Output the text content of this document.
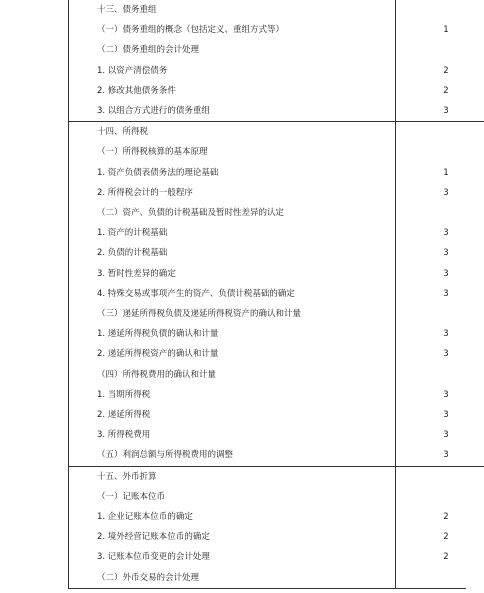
十三、债务重组	
（一）债务重组的概念（包括定义、重组方式等）	1
（二）债务重组的会计处理	
1. 以资产清偿债务	2
2. 修改其他债务条件	2
3. 以组合方式进行的债务重组	3
十四、所得税	
（一）所得税核算的基本原理	
1. 资产负债表债务法的理论基础	1
2. 所得税会计的一般程序	3
（二）资产、负债的计税基础及暂时性差异的认定	
1. 资产的计税基础	3
2. 负债的计税基础	3
3. 暂时性差异的确定	3
4. 特殊交易或事项产生的资产、负债计税基础的确定	3
（三）递延所得税负债及递延所得税资产的确认和计量	
1. 递延所得税负债的确认和计量	3
2. 递延所得税资产的确认和计量	3
（四）所得税费用的确认和计量	
1. 当期所得税	3
2. 递延所得税	3
3. 所得税费用	3
（五）利润总额与所得税费用的调整	3
十五、外币折算	
（一）记账本位币	
1. 企业记账本位币的确定	2
2. 境外经营记账本位币的确定	2
3. 记账本位币变更的会计处理	2
（二）外币交易的会计处理	
